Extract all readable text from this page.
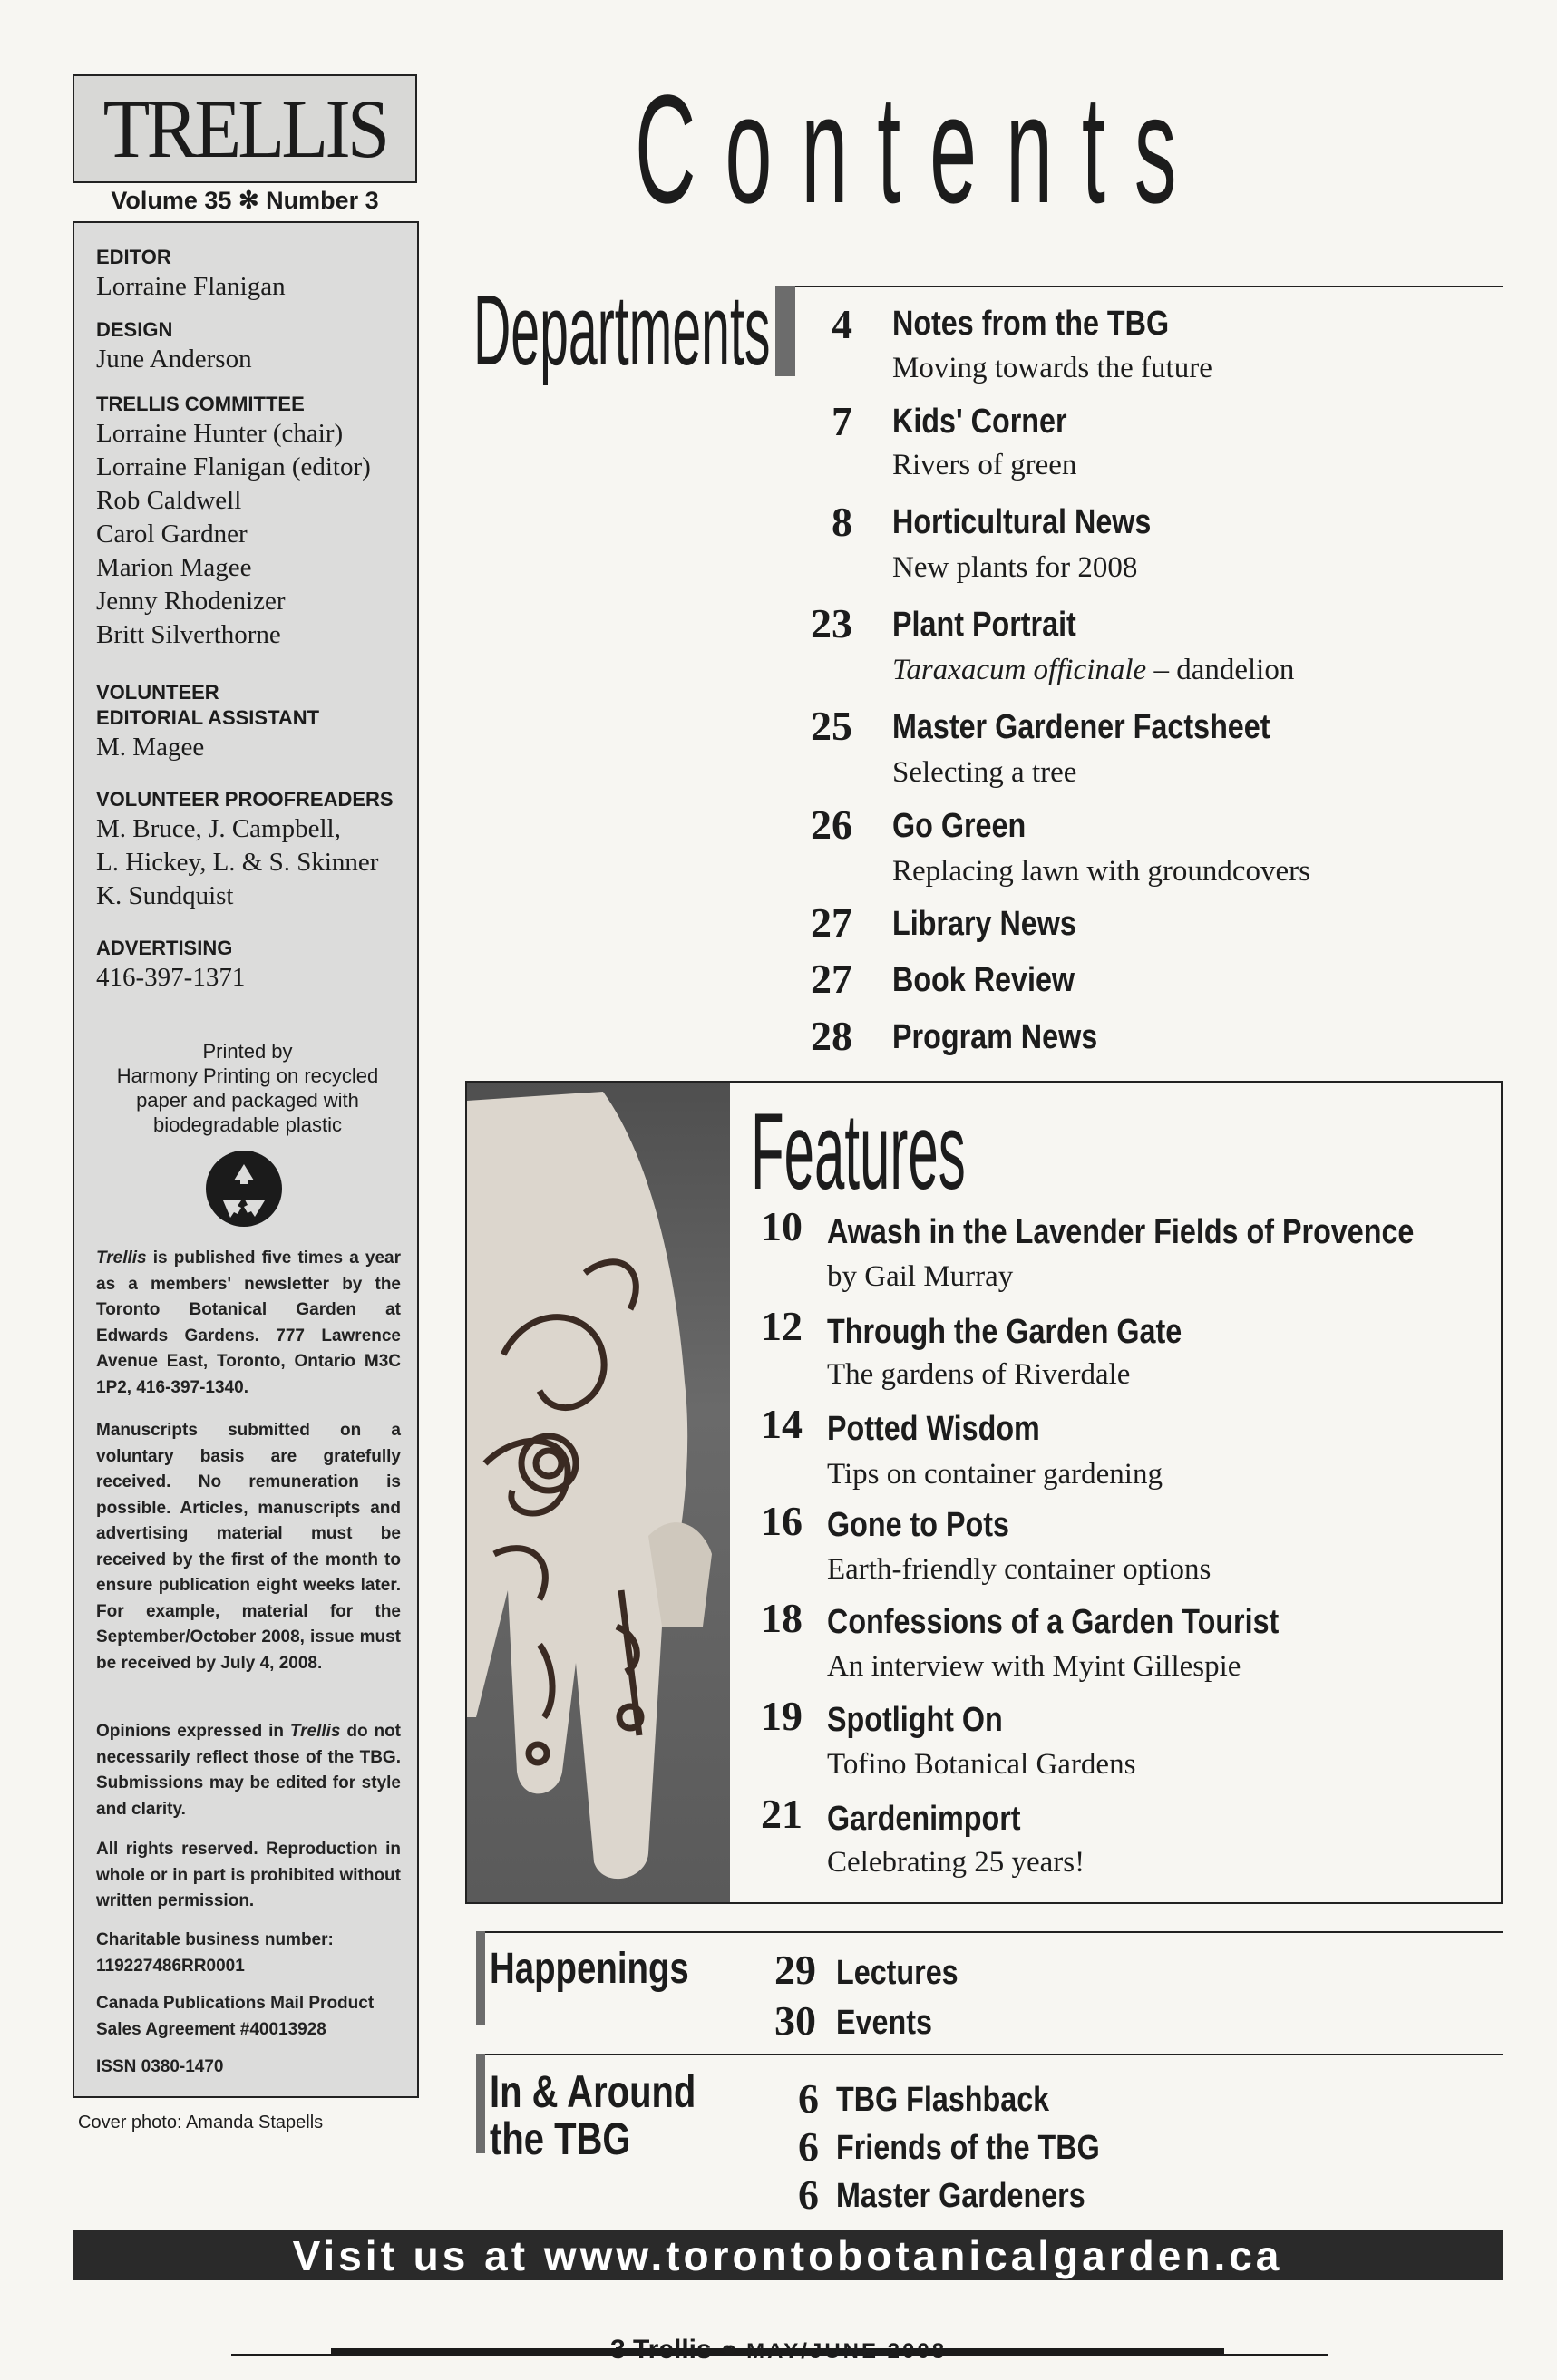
TRELLIS
Volume 35 ✻ Number 3
EDITOR
Lorraine Flanigan
DESIGN
June Anderson
TRELLIS COMMITTEE
Lorraine Hunter (chair)
Lorraine Flanigan (editor)
Rob Caldwell
Carol Gardner
Marion Magee
Jenny Rhodenizer
Britt Silverthorne
VOLUNTEER
EDITORIAL ASSISTANT
M. Magee
VOLUNTEER PROOFREADERS
M. Bruce, J. Campbell,
L. Hickey, L. & S. Skinner
K. Sundquist
ADVERTISING
416-397-1371
Printed by
Harmony Printing on recycled
paper and packaged with
biodegradable plastic
Trellis is published five times a year as a members' newsletter by the Toronto Botanical Garden at Edwards Gardens. 777 Lawrence Avenue East, Toronto, Ontario M3C 1P2, 416-397-1340.
Manuscripts submitted on a voluntary basis are gratefully received. No remuneration is possible. Articles, manuscripts and advertising material must be received by the first of the month to ensure publication eight weeks later. For example, material for the September/October 2008, issue must be received by July 4, 2008.
Opinions expressed in Trellis do not necessarily reflect those of the TBG. Submissions may be edited for style and clarity.
All rights reserved. Reproduction in whole or in part is prohibited without written permission.
Charitable business number:
119227486RR0001
Canada Publications Mail Product Sales Agreement #40013928
ISSN 0380-1470
Cover photo: Amanda Stapells
Contents
Departments	4 Notes from the TBG
Moving towards the future
7 Kids' Corner
Rivers of green
8 Horticultural News
New plants for 2008
23 Plant Portrait
Taraxacum officinale – dandelion
25 Master Gardener Factsheet
Selecting a tree
26 Go Green
Replacing lawn with groundcovers
27 Library News
27 Book Review
28 Program News
Features
10 Awash in the Lavender Fields of Provence
by Gail Murray
12 Through the Garden Gate
The gardens of Riverdale
14 Potted Wisdom
Tips on container gardening
16 Gone to Pots
Earth-friendly container options
18 Confessions of a Garden Tourist
An interview with Myint Gillespie
19 Spotlight On
Tofino Botanical Gardens
21 Gardenimport
Celebrating 25 years!
Happenings	29 Lectures
30 Events
In & Around
the TBG
6 TBG Flashback
6 Friends of the TBG
6 Master Gardeners
Visit us at www.torontobotanicalgarden.ca
3 Trellis ⚭ MAY/JUNE 2008
